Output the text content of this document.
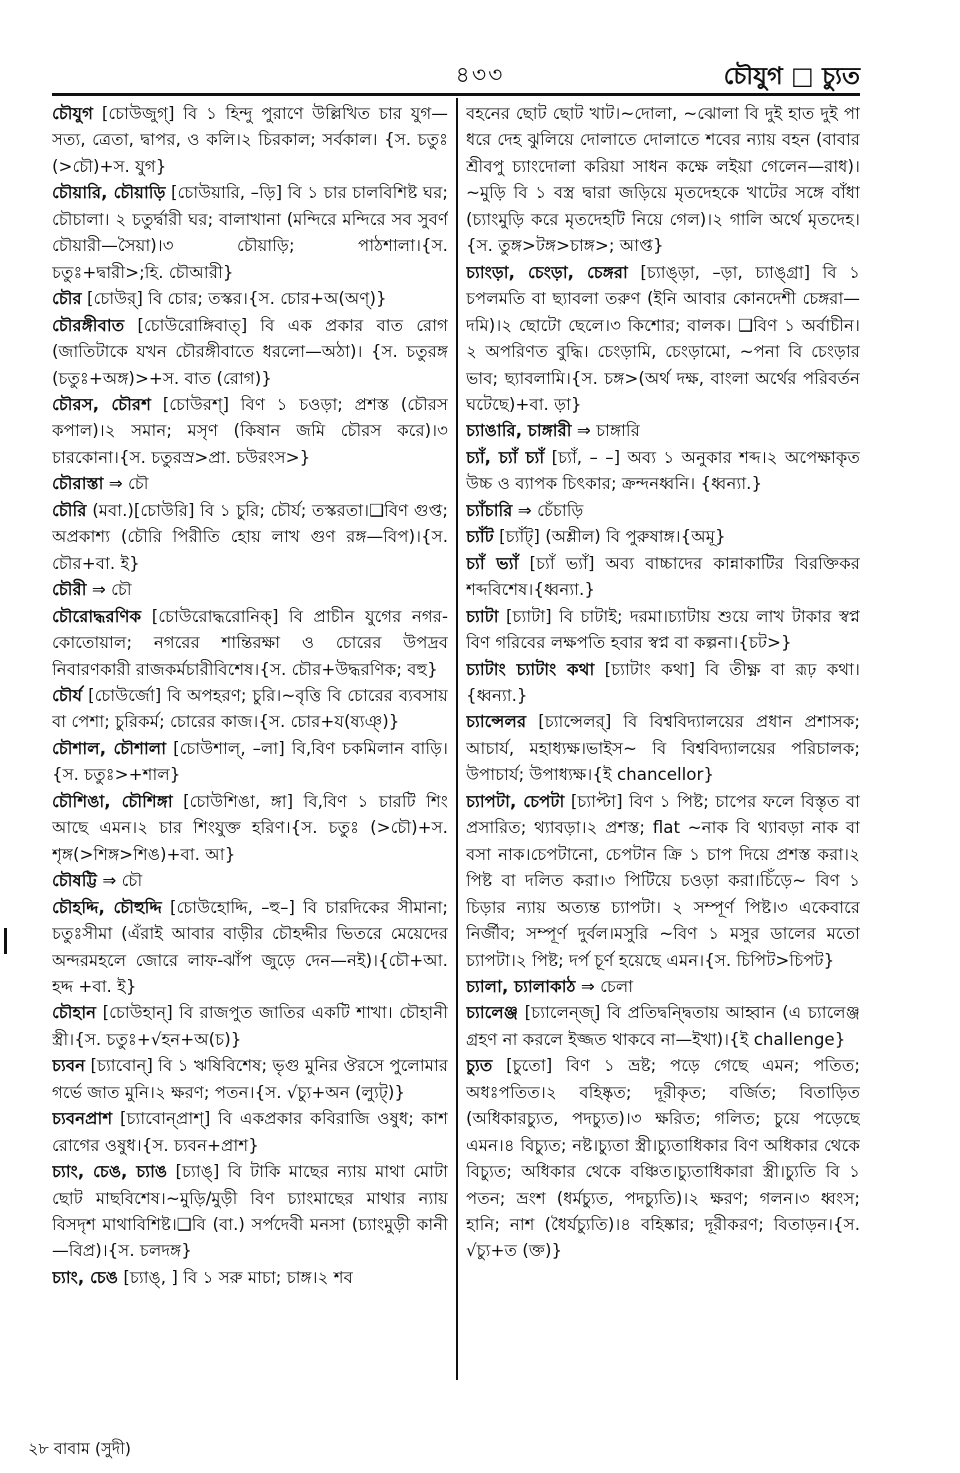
৪৩৩	চৌযুগ □ চ্যুত

চৌযুগ [চোউজুগ্] বি ১ হিন্দু পুরাণে উল্লিখিত চার যুগ—সত্য, ত্রেতা, দ্বাপর, ও কলি।২ চিরকাল; সর্বকাল। {স. চতুঃ (>চৌ)+স. যুগ}

চৌয়ারি, চৌয়াড়ি [চোউয়ারি, –ড়ি] বি ১ চার চালবিশিষ্ট ঘর; চৌচালা। ২ চতুর্দ্বারী ঘর; বালাখানা (মন্দিরে মন্দিরে সব সুবর্ণ চৌয়ারী—সৈয়া)।৩ চৌয়াড়ি; পাঠশালা।{স. চতুঃ+দ্বারী>;হি. চৌআরী}

চৌর [চোউর্] বি চোর; তস্কর।{স. চোর+অ(অণ্)}

চৌরঙ্গীবাত [চোউরোঙ্গিবাত্] বি এক প্রকার বাত রোগ (জাতিটাকে যখন চৌরঙ্গীবাতে ধরলো—অঠা)। {স. চতুরঙ্গ (চতুঃ+অঙ্গ)>+স. বাত (রোগ)}

চৌরস, চৌরশ [চোউরশ্] বিণ ১ চওড়া; প্রশস্ত (চৌরস কপাল)।২ সমান; মসৃণ (কিষান জমি চৌরস করে)।৩ চারকোনা।{স. চতুরস্র>প্রা. চউরংস>}

চৌরাস্তা ⇒ চৌ

চৌরি (মবা.)[চোউরি] বি ১ চুরি; চৌর্য; তস্করতা।❑বিণ গুপ্ত; অপ্রকাশ্য (চৌরি পিরীতি হোয় লাখ গুণ রঙ্গ—বিপ)।{স. চৌর+বা. ই}

চৌরী ⇒ চৌ

চৌরোদ্ধরণিক [চোউরোদ্ধরোনিক্] বি প্রাচীন যুগের নগর-কোতোয়াল; নগরের শান্তিরক্ষা ও চোরের উপদ্রব নিবারণকারী রাজকর্মচারীবিশেষ।{স. চৌর+উদ্ধরণিক; বহু}

চৌর্য [চোউর্জো] বি অপহরণ; চুরি।~বৃত্তি বি চোরের ব্যবসায় বা পেশা; চুরিকর্ম; চোরের কাজ।{স. চোর+য(ষ্যঞ্)}

চৌশাল, চৌশালা [চোউশাল্, –লা] বি,বিণ চকমিলান বাড়ি।{স. চতুঃ>+শাল}

চৌশিঙা, চৌশিঙ্গা [চোউশিঙা, ঙ্গা] বি,বিণ ১ চারটি শিং আছে এমন।২ চার শিংযুক্ত হরিণ।{স. চতুঃ (>চৌ)+স. শৃঙ্গ(>শিঙ্গ>শিঙ)+বা. আ}

চৌষট্টি ⇒ চৌ

চৌহদ্দি, চৌহুদ্দি [চোউহোদ্দি, –হু–] বি চারদিকের সীমানা; চতুঃসীমা (এঁরাই আবার বাড়ীর চৌহদ্দীর ভিতরে মেয়েদের অন্দরমহলে জোরে লাফ-ঝাঁপ জুড়ে দেন—নই)।{চৌ+আ. হদ্দ +বা. ই}

চৌহান [চোউহান্] বি রাজপুত জাতির একটি শাখা। চৌহানী স্ত্রী।{স. চতুঃ+√হন+অ(চ)}

চ্যবন [চ্যাবোন্] বি ১ ঋষিবিশেষ; ভৃগু মুনির ঔরসে পুলোমার গর্ভে জাত মুনি।২ ক্ষরণ; পতন।{স. √চ্যু+অন (ল্যুট্)}

চ্যবনপ্রাশ [চ্যাবোন্প্রাশ্] বি একপ্রকার কবিরাজি ওষুধ; কাশ রোগের ওষুধ।{স. চ্যবন+প্রাশ}

চ্যাং, চেঙ, চ্যাঙ [চ্যাঙ্] বি টাকি মাছের ন্যায় মাথা মোটা ছোট মাছবিশেষ।~মুড়ি/মুড়ী বিণ চ্যাংমাছের মাথার ন্যায় বিসদৃশ মাথাবিশিষ্ট।❑বি (বা.) সর্পদেবী মনসা (চ্যাংমুড়ী কানী—বিপ্র)।{স. চলদঙ্গ}

চ্যাং, চেঙ [চ্যাঙ্, ] বি ১ সরু মাচা; চাঙ্গ।২ শব

বহনের ছোট ছোট খাট।~দোলা, ~ঝোলা বি দুই হাত দুই পা ধরে দেহ ঝুলিয়ে দোলাতে দোলাতে শবের ন্যায় বহন (বাবার শ্রীবপু চ্যাংদোলা করিয়া সাধন কক্ষে লইয়া গেলেন—রাধ)।~মুড়ি বি ১ বস্ত্র দ্বারা জড়িয়ে মৃতদেহকে খাটের সঙ্গে বাঁধা (চ্যাংমুড়ি করে মৃতদেহটি নিয়ে গেল)।২ গালি অর্থে মৃতদেহ।{স. তুঙ্গ>টঙ্গ>চাঙ্গ>; আপ্ত}

চ্যাংড়া, চেংড়া, চেঙ্গরা [চ্যাঙ্ড়া, –ড়া, চ্যাঙ্গ্রা] বি ১ চপলমতি বা ছ্যাবলা তরুণ (ইনি আবার কোনদেশী চেঙ্গরা—দমি)।২ ছোটো ছেলে।৩ কিশোর; বালক। ❑বিণ ১ অর্বাচীন।২ অপরিণত বুদ্ধি। চেংড়ামি, চেংড়ামো, ~পনা বি চেংড়ার ভাব; ছ্যাবলামি।{স. চঙ্গ>(অর্থ দক্ষ, বাংলা অর্থের পরিবর্তন ঘটেছে)+বা. ড়া}

চ্যাঙারি, চাঙ্গারী ⇒ চাঙ্গারি

চ্যাঁ, চ্যাঁ চ্যাঁ [চ্যাঁ, – –] অব্য ১ অনুকার শব্দ।২ অপেক্ষাকৃত উচ্চ ও ব্যাপক চিৎকার; ক্রন্দনধ্বনি। {ধ্বন্যা.}

চ্যাঁচারি ⇒ চেঁচাড়ি

চ্যাঁট [চ্যাঁট্] (অশ্লীল) বি পুরুষাঙ্গ।{অমূ}

চ্যাঁ ভ্যাঁ [চ্যাঁ ভ্যাঁ] অব্য বাচ্চাদের কান্নাকাটির বিরক্তিকর শব্দবিশেষ।{ধ্বন্যা.}

চ্যাটা [চ্যাটা] বি চাটাই; দরমা।চ্যাটায় শুয়ে লাখ টাকার স্বপ্ন বিণ গরিবের লক্ষপতি হবার স্বপ্ন বা কল্পনা।{চট>}

চ্যাটাং চ্যাটাং কথা [চ্যাটাং কথা] বি তীক্ষ্ণ বা রূঢ় কথা।{ধ্বন্যা.}

চ্যান্সেলর [চ্যান্সেলর্] বি বিশ্ববিদ্যালয়ের প্রধান প্রশাসক; আচার্য, মহাধ্যক্ষ।ভাইস~ বি বিশ্ববিদ্যালয়ের পরিচালক; উপাচার্য; উপাধ্যক্ষ।{ই chancellor}

চ্যাপটা, চেপটা [চ্যাপ্টা] বিণ ১ পিষ্ট; চাপের ফলে বিস্তৃত বা প্রসারিত; থ্যাবড়া।২ প্রশস্ত; flat ~নাক বি থ্যাবড়া নাক বা বসা নাক।চেপটানো, চেপটান ক্রি ১ চাপ দিয়ে প্রশস্ত করা।২ পিষ্ট বা দলিত করা।৩ পিটিয়ে চওড়া করা।চিঁড়ে~ বিণ ১ চিড়ার ন্যায় অত্যন্ত চ্যাপটা। ২ সম্পূর্ণ পিষ্ট।৩ একেবারে নির্জীব; সম্পূর্ণ দুর্বল।মসুরি ~বিণ ১ মসুর ডালের মতো চ্যাপটা।২ পিষ্ট; দর্প চূর্ণ হয়েছে এমন।{স. চিপিট>চিপট}

চ্যালা, চ্যালাকাঠ ⇒ চেলা

চ্যালেঞ্জ [চ্যালেন্জ্] বি প্রতিদ্বন্দ্বিতায় আহ্বান (এ চ্যালেঞ্জ গ্রহণ না করলে ইজ্জত থাকবে না—ইখা)।{ই challenge}

চ্যুত [চুতো] বিণ ১ ভ্রষ্ট; পড়ে গেছে এমন; পতিত; অধঃপতিত।২ বহিষ্কৃত; দূরীকৃত; বর্জিত; বিতাড়িত (অধিকারচ্যুত, পদচ্যুত)।৩ ক্ষরিত; গলিত; চুয়ে পড়েছে এমন।৪ বিচ্যুত; নষ্ট।চ্যুতা স্ত্রী।চ্যুতাধিকার বিণ অধিকার থেকে বিচ্যুত; অধিকার থেকে বঞ্চিত।চ্যুতাধিকারা স্ত্রী।চ্যুতি বি ১ পতন; ভ্রংশ (ধর্মচ্যুত, পদচ্যুতি)।২ ক্ষরণ; গলন।৩ ধ্বংস; হানি; নাশ (ধৈর্যচ্যুতি)।৪ বহিষ্কার; দূরীকরণ; বিতাড়ন।{স. √চ্যু+ত (ক্ত)}

২৮ বাবাম (সুদী)
